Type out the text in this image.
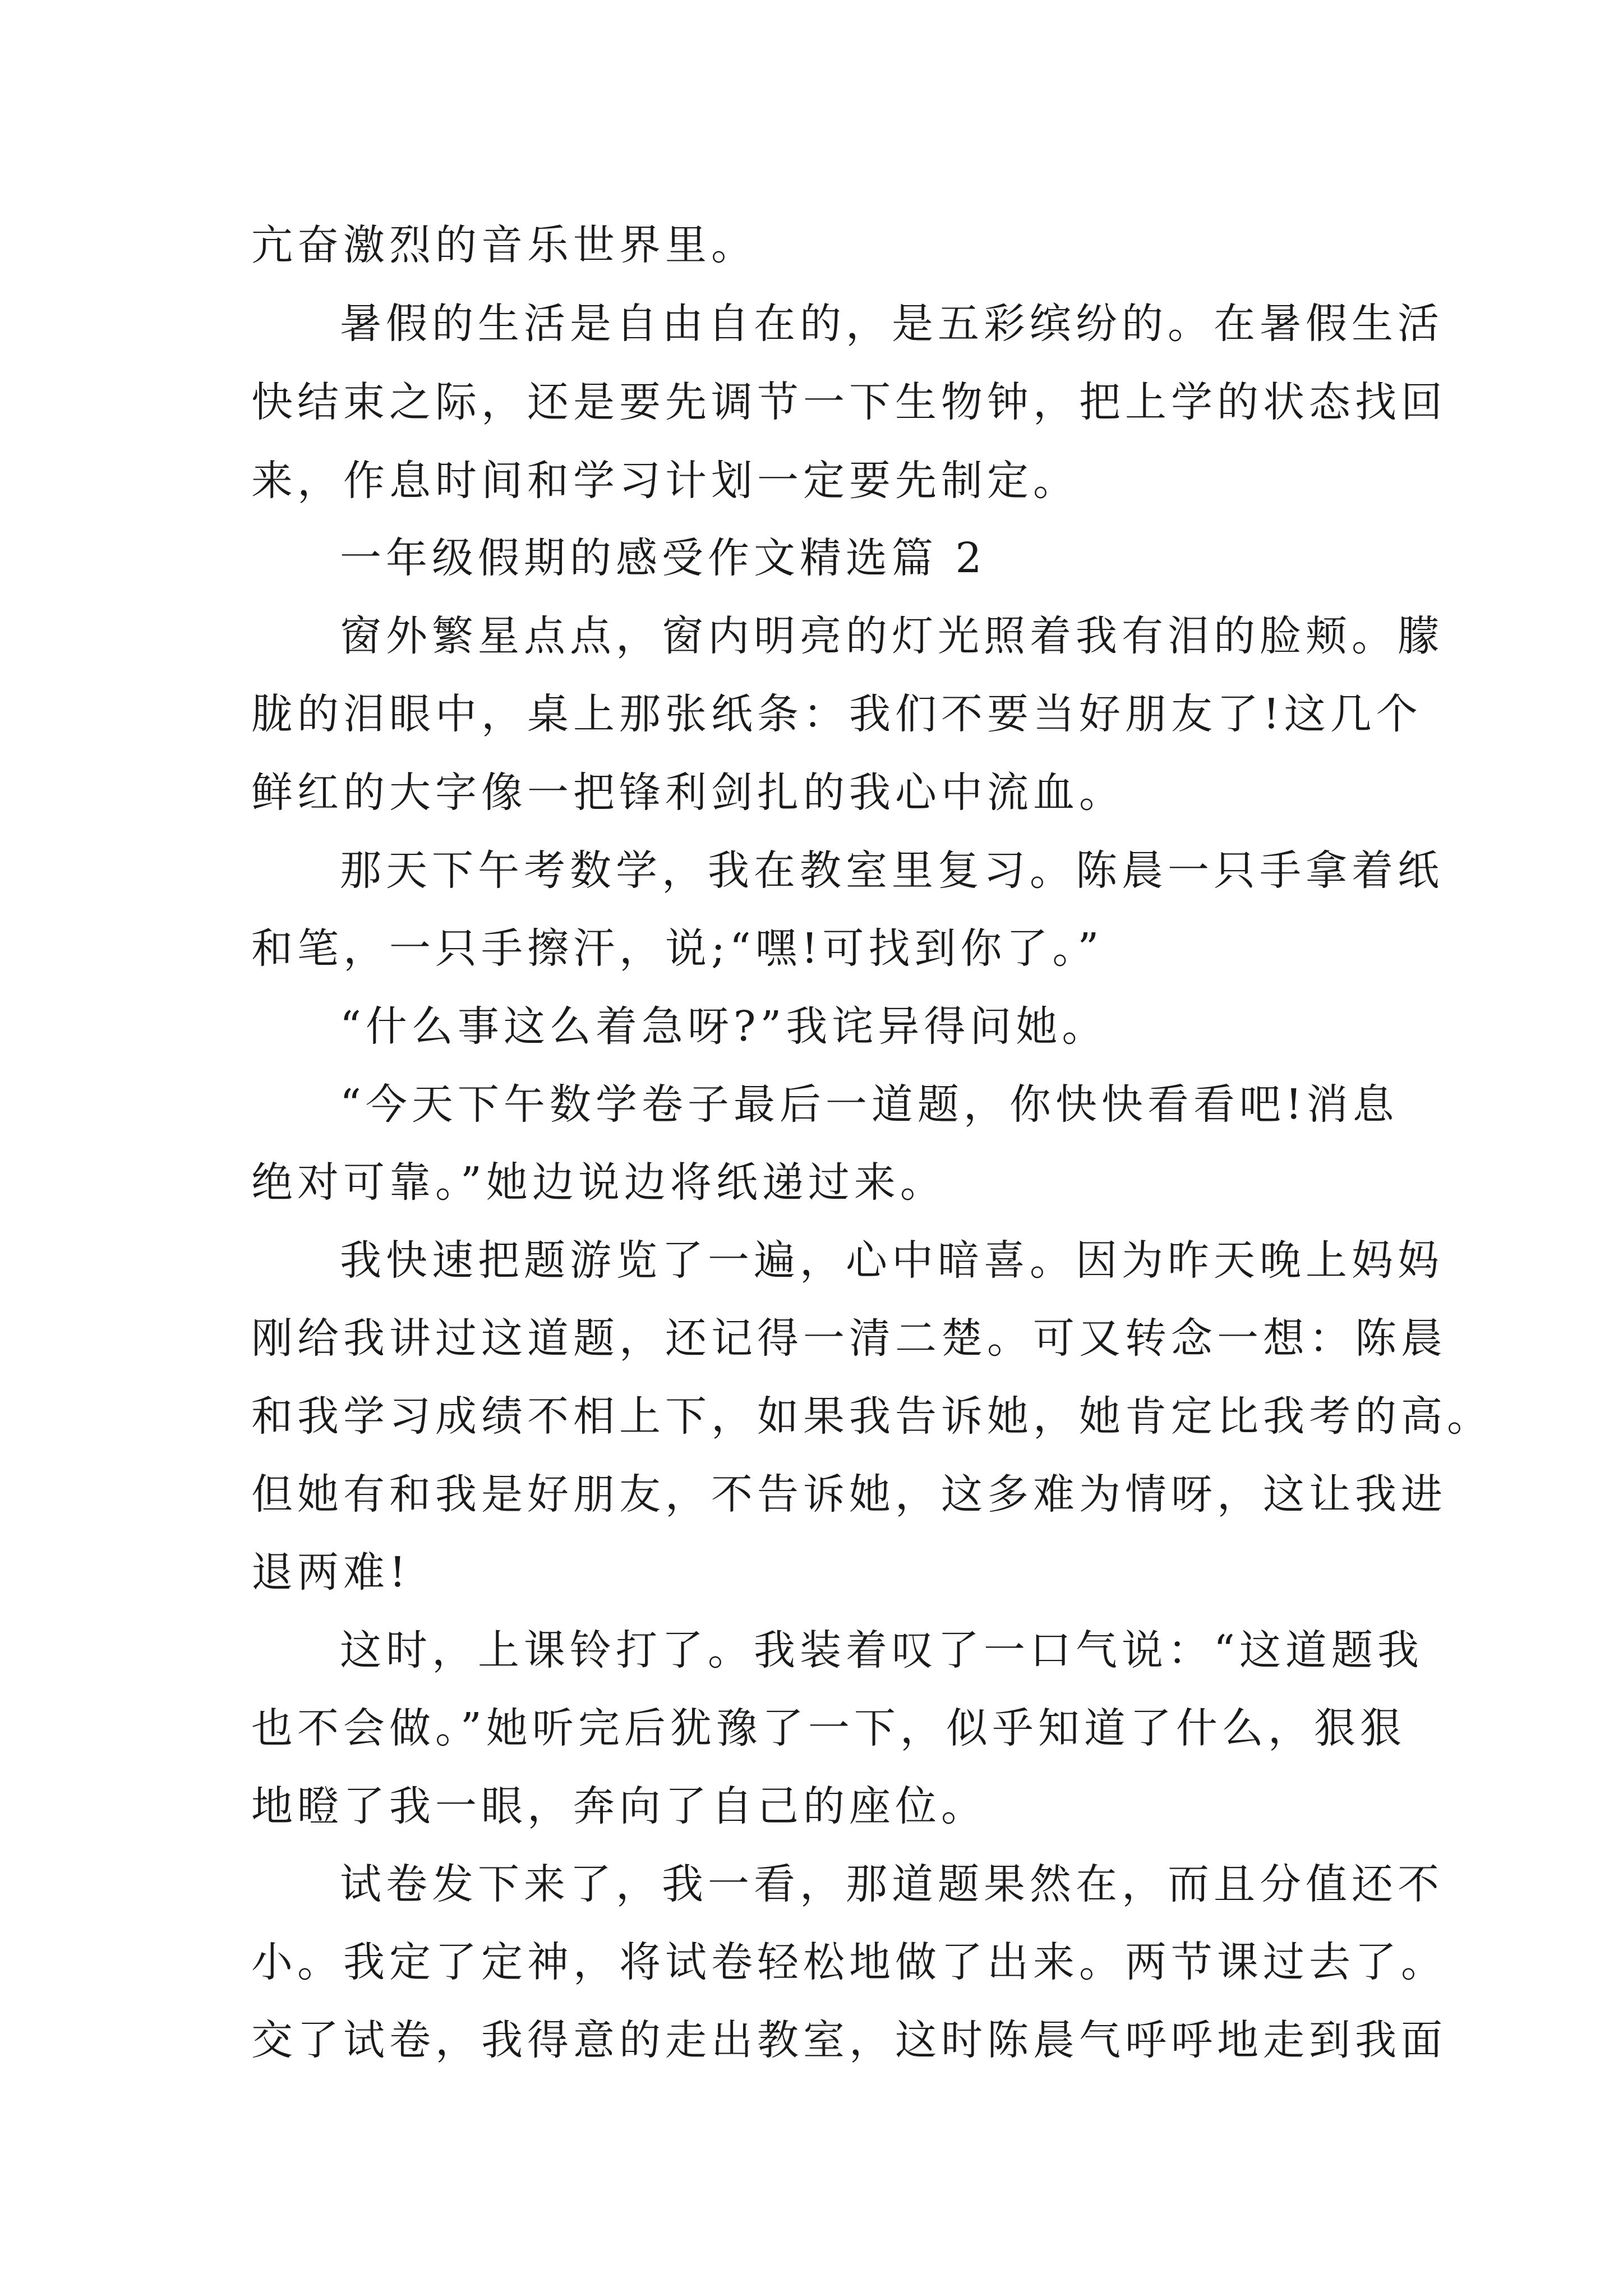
亢奋激烈的音乐世界里。
暑假的生活是自由自在的，是五彩缤纷的。在暑假生活
快结束之际，还是要先调节一下生物钟，把上学的状态找回
来，作息时间和学习计划一定要先制定。
一年级假期的感受作文精选篇 2
窗外繁星点点，窗内明亮的灯光照着我有泪的脸颊。朦
胧的泪眼中，桌上那张纸条：我们不要当好朋友了!这几个
鲜红的大字像一把锋利剑扎的我心中流血。
那天下午考数学，我在教室里复习。陈晨一只手拿着纸
和笔，一只手擦汗，说;“嘿!可找到你了。”
“什么事这么着急呀?”我诧异得问她。
“今天下午数学卷子最后一道题，你快快看看吧!消息
绝对可靠。”她边说边将纸递过来。
我快速把题游览了一遍，心中暗喜。因为昨天晚上妈妈
刚给我讲过这道题，还记得一清二楚。可又转念一想：陈晨
和我学习成绩不相上下，如果我告诉她，她肯定比我考的高。
但她有和我是好朋友，不告诉她，这多难为情呀，这让我进
退两难!
这时，上课铃打了。我装着叹了一口气说：“这道题我
也不会做。”她听完后犹豫了一下，似乎知道了什么，狠狠
地瞪了我一眼，奔向了自己的座位。
试卷发下来了，我一看，那道题果然在，而且分值还不
小。我定了定神，将试卷轻松地做了出来。两节课过去了。
交了试卷，我得意的走出教室，这时陈晨气呼呼地走到我面
